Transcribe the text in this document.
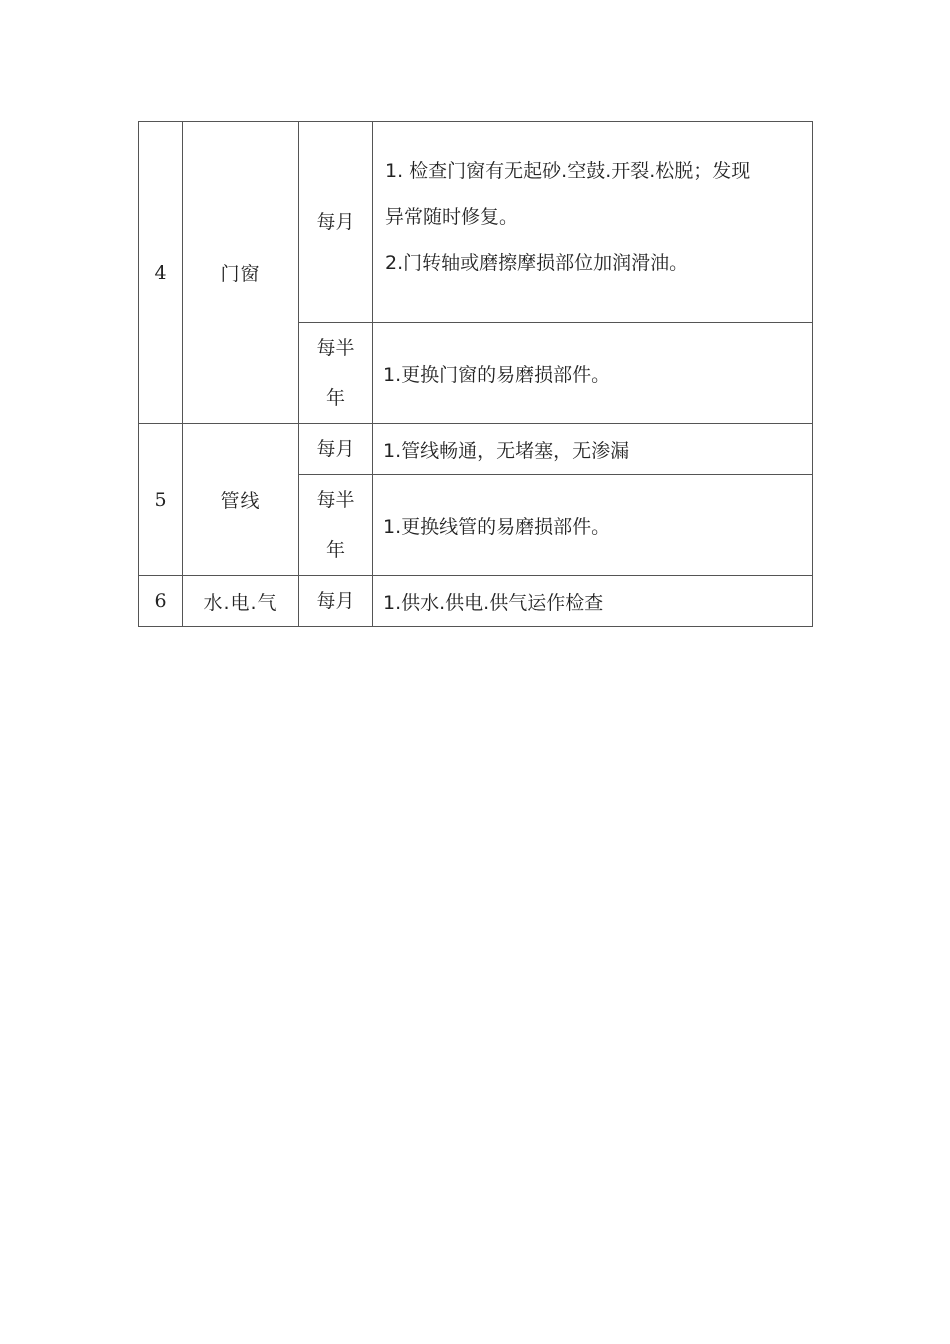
4	门窗	每月	1. 检查门窗有无起砂.空鼓.开裂.松脱；发现

异常随时修复。

2.门转轴或磨擦摩损部位加润滑油。

		每半
年	1.更换门窗的易磨损部件。

5	管线	每月	1.管线畅通，无堵塞，无渗漏

		每半
年	1.更换线管的易磨损部件。

6	水.电.气	每月	1.供水.供电.供气运作检查
